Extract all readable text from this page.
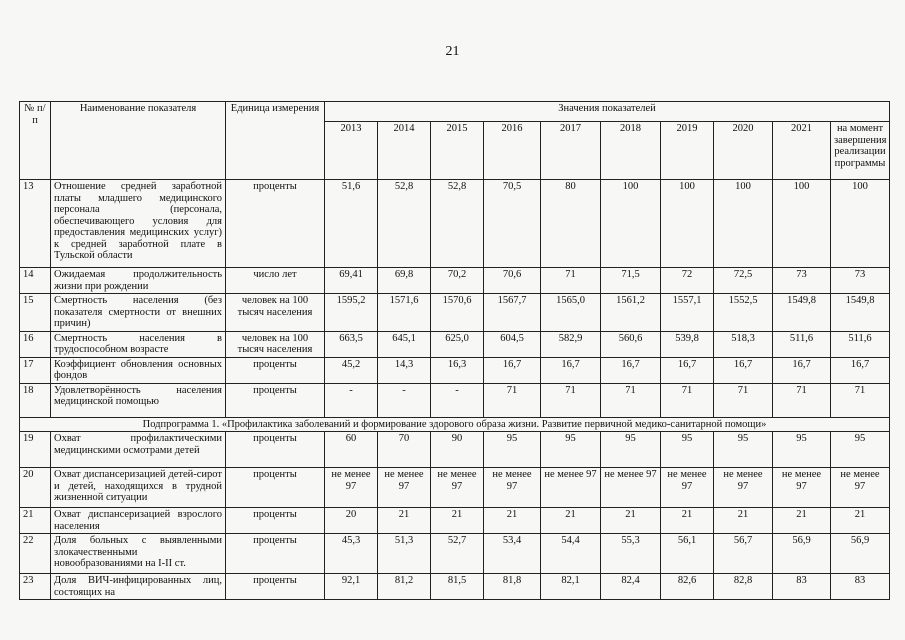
21
№ п/п	Наименование показателя	Единица измерения	Значения показателей									
			2013	2014	2015	2016	2017	2018	2019	2020	2021	на момент завершения реализации программы
13	Отношение средней заработной платы младшего медицинского персонала (персонала, обеспечивающего условия для предоставления медицинских услуг) к средней заработной плате в Тульской области	проценты	51,6	52,8	52,8	70,5	80	100	100	100	100	100
14	Ожидаемая продолжительность жизни при рождении	число лет	69,41	69,8	70,2	70,6	71	71,5	72	72,5	73	73
15	Смертность населения (без показателя смертности от внешних причин)	человек на 100 тысяч населения	1595,2	1571,6	1570,6	1567,7	1565,0	1561,2	1557,1	1552,5	1549,8	1549,8
16	Смертность населения в трудоспособном возрасте	человек на 100 тысяч населения	663,5	645,1	625,0	604,5	582,9	560,6	539,8	518,3	511,6	511,6
17	Коэффициент обновления основных фондов	проценты	45,2	14,3	16,3	16,7	16,7	16,7	16,7	16,7	16,7	16,7
18	Удовлетворённость населения медицинской помощью	проценты	-	-	-	71	71	71	71	71	71	71
Подпрограмма 1. «Профилактика заболеваний и формирование здорового образа жизни. Развитие первичной медико-санитарной помощи»												
19	Охват профилактическими медицинскими осмотрами детей	проценты	60	70	90	95	95	95	95	95	95	95
20	Охват диспансеризацией детей-сирот и детей, находящихся в трудной жизненной ситуации	проценты	не менее 97	не менее 97	не менее 97	не менее 97	не менее 97	не менее 97	не менее 97	не менее 97	не менее 97	не менее 97
21	Охват диспансеризацией взрослого населения	проценты	20	21	21	21	21	21	21	21	21	21
22	Доля больных с выявленными злокачественными новообразованиями на I-II ст.	проценты	45,3	51,3	52,7	53,4	54,4	55,3	56,1	56,7	56,9	56,9
23	Доля ВИЧ-инфицированных лиц, состоящих на	проценты	92,1	81,2	81,5	81,8	82,1	82,4	82,6	82,8	83	83
